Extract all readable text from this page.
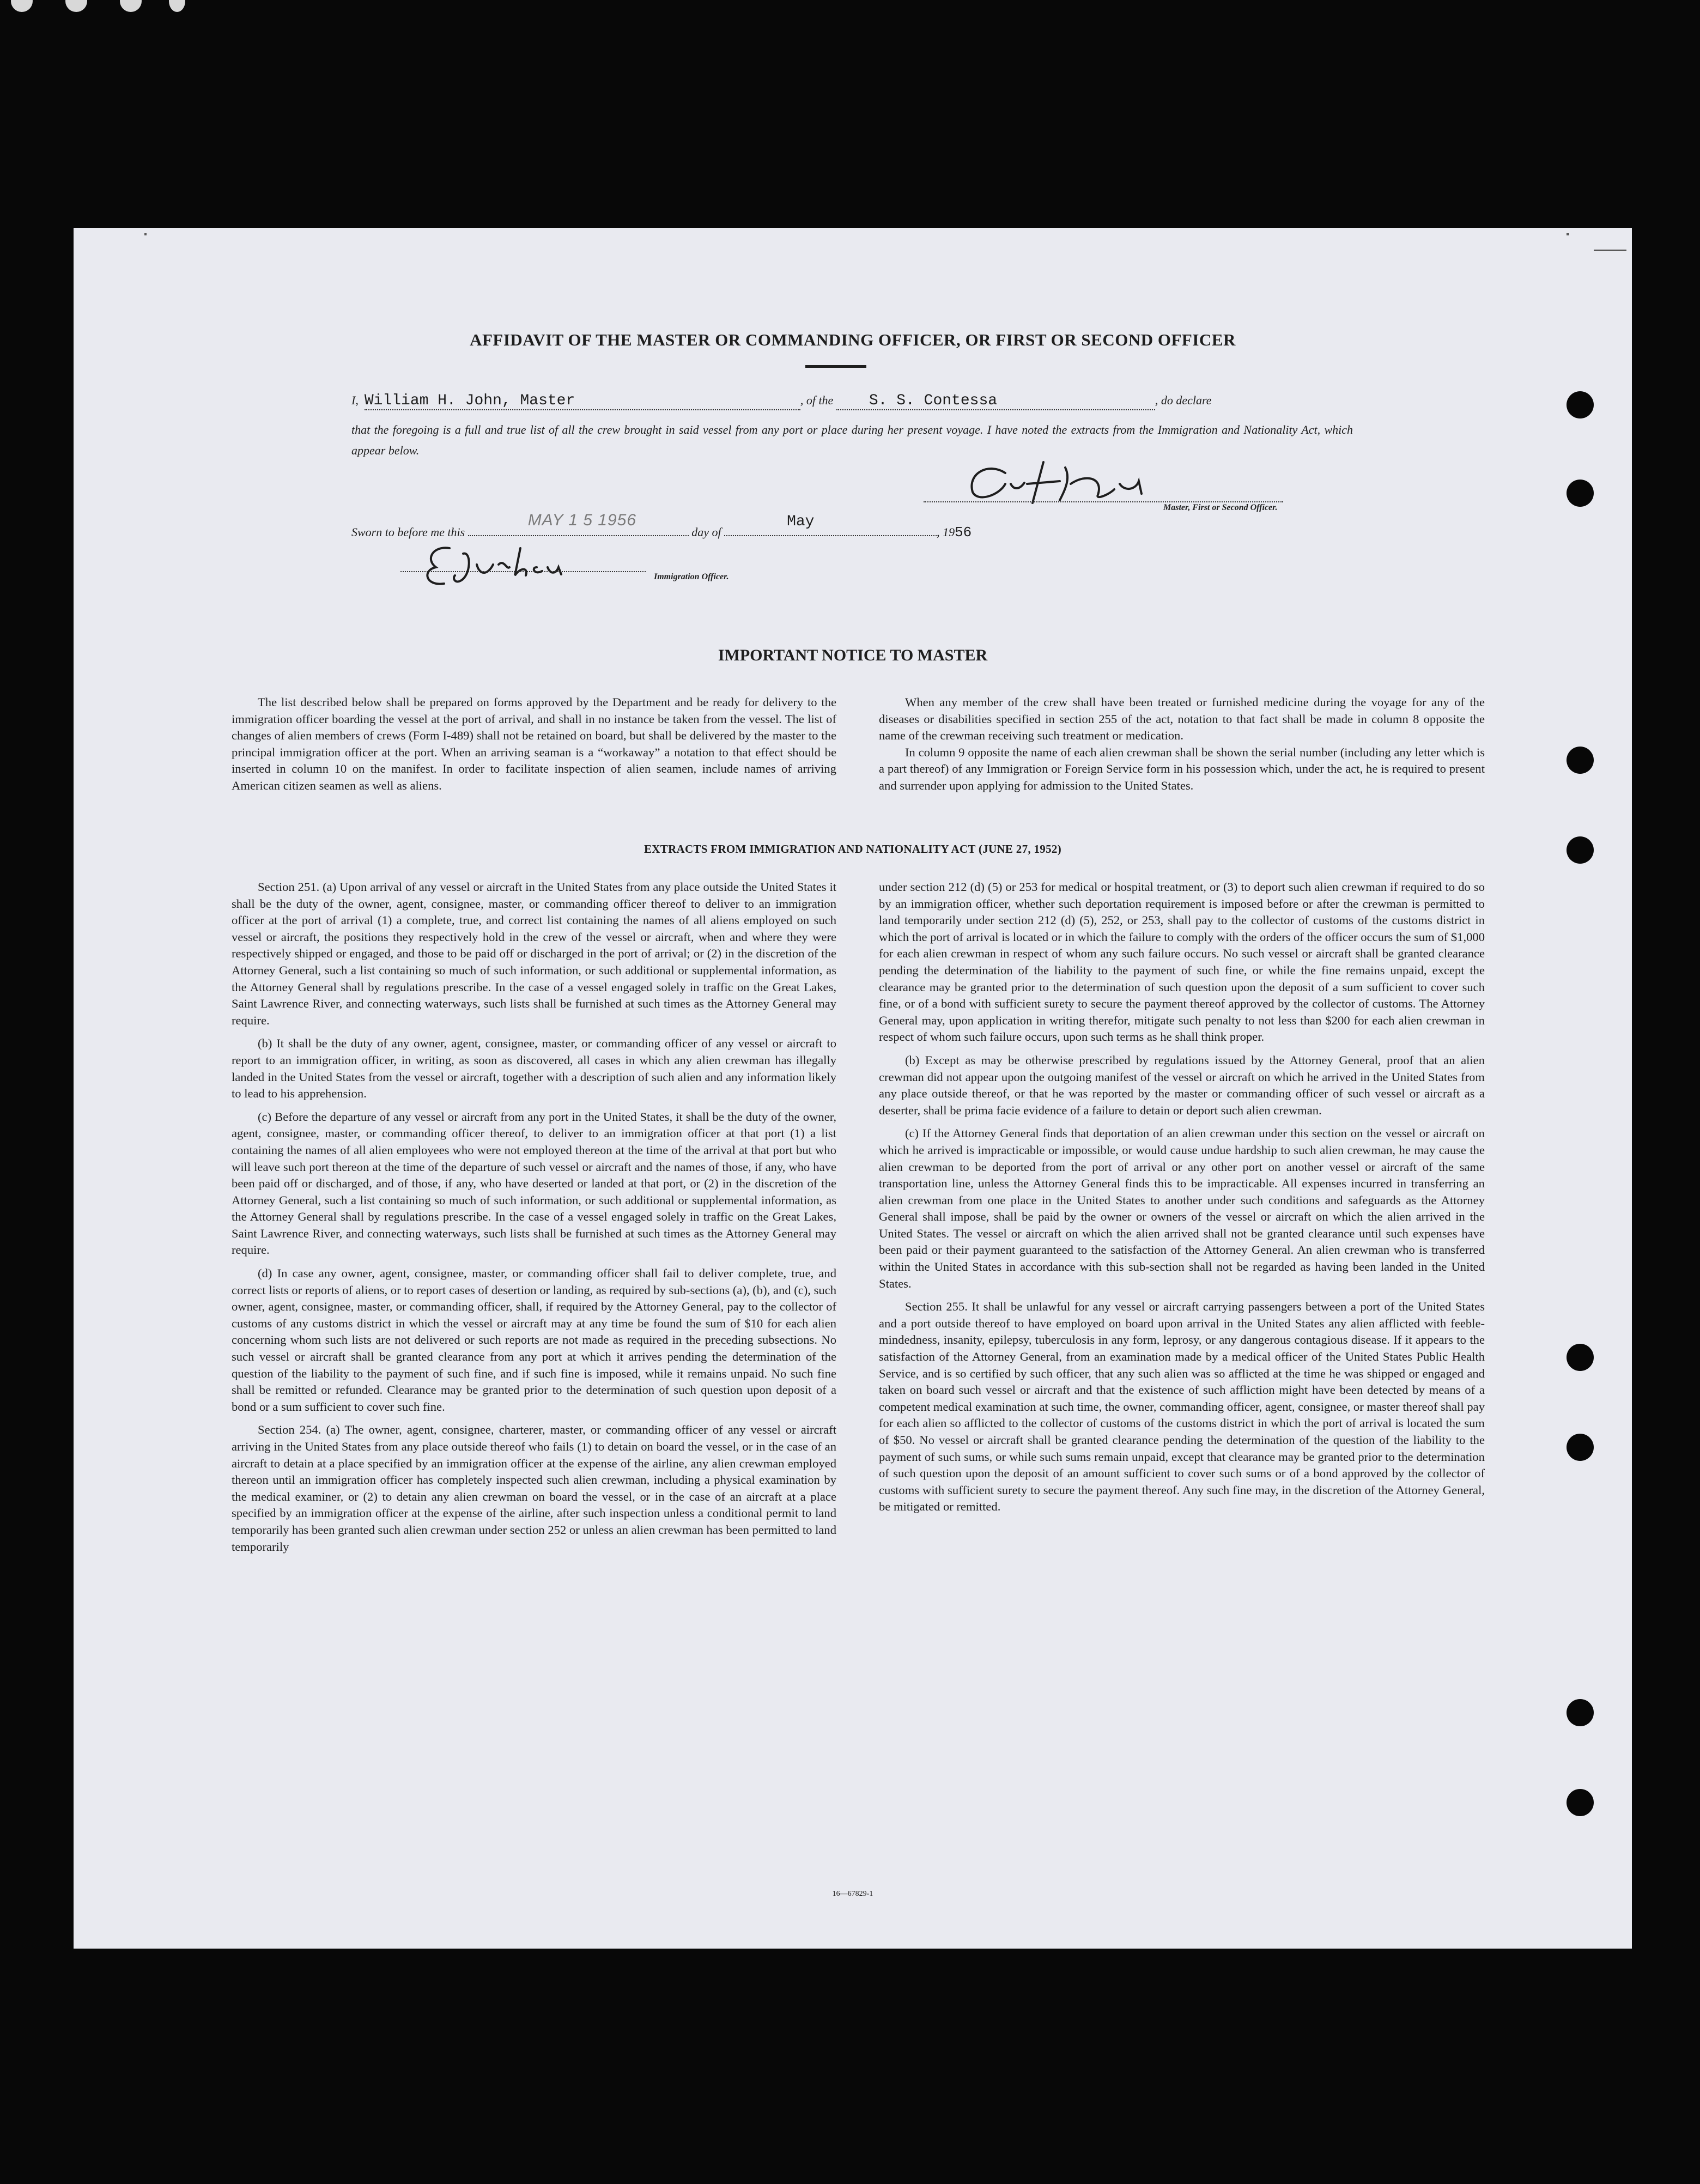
AFFIDAVIT OF THE MASTER OR COMMANDING OFFICER, OR FIRST OR SECOND OFFICER
I, William H. John, Master	, of the S. S. Contessa	, do declare
that the foregoing is a full and true list of all the crew brought in said vessel from any port or place during her present voyage. I have noted the extracts from the Immigration and Nationality Act, which appear below.
Master, First or Second Officer.
Sworn to before me this
MAY 1 5 1956
day of
May
, 1956
Immigration Officer.
IMPORTANT NOTICE TO MASTER

The list described below shall be prepared on forms approved by the Department and be ready for delivery to the immigration officer boarding the vessel at the port of arrival, and shall in no instance be taken from the vessel. The list of changes of alien members of crews (Form I-489) shall not be retained on board, but shall be delivered by the master to the principal immigration officer at the port. When an arriving seaman is a “workaway” a notation to that effect should be inserted in column 10 on the manifest. In order to facilitate inspection of alien seamen, include names of arriving American citizen seamen as well as aliens.

When any member of the crew shall have been treated or furnished medicine during the voyage for any of the diseases or disabilities specified in section 255 of the act, notation to that fact shall be made in column 8 opposite the name of the crewman receiving such treatment or medication.

In column 9 opposite the name of each alien crewman shall be shown the serial number (including any letter which is a part thereof) of any Immigration or Foreign Service form in his possession which, under the act, he is required to present and surrender upon applying for admission to the United States.

EXTRACTS FROM IMMIGRATION AND NATIONALITY ACT (JUNE 27, 1952)

Section 251. (a) Upon arrival of any vessel or aircraft in the United States from any place outside the United States it shall be the duty of the owner, agent, consignee, master, or commanding officer thereof to deliver to an immigration officer at the port of arrival (1) a complete, true, and correct list containing the names of all aliens employed on such vessel or aircraft, the positions they respectively hold in the crew of the vessel or aircraft, when and where they were respectively shipped or engaged, and those to be paid off or discharged in the port of arrival; or (2) in the discretion of the Attorney General, such a list containing so much of such information, or such additional or supplemental information, as the Attorney General shall by regulations prescribe. In the case of a vessel engaged solely in traffic on the Great Lakes, Saint Lawrence River, and connecting waterways, such lists shall be furnished at such times as the Attorney General may require.

(b) It shall be the duty of any owner, agent, consignee, master, or commanding officer of any vessel or aircraft to report to an immigration officer, in writing, as soon as discovered, all cases in which any alien crewman has illegally landed in the United States from the vessel or aircraft, together with a description of such alien and any information likely to lead to his apprehension.

(c) Before the departure of any vessel or aircraft from any port in the United States, it shall be the duty of the owner, agent, consignee, master, or commanding officer thereof, to deliver to an immigration officer at that port (1) a list containing the names of all alien employees who were not employed thereon at the time of the arrival at that port but who will leave such port thereon at the time of the departure of such vessel or aircraft and the names of those, if any, who have been paid off or discharged, and of those, if any, who have deserted or landed at that port, or (2) in the discretion of the Attorney General, such a list containing so much of such information, or such additional or supplemental information, as the Attorney General shall by regulations prescribe. In the case of a vessel engaged solely in traffic on the Great Lakes, Saint Lawrence River, and connecting waterways, such lists shall be furnished at such times as the Attorney General may require.

(d) In case any owner, agent, consignee, master, or commanding officer shall fail to deliver complete, true, and correct lists or reports of aliens, or to report cases of desertion or landing, as required by sub-sections (a), (b), and (c), such owner, agent, consignee, master, or commanding officer, shall, if required by the Attorney General, pay to the collector of customs of any customs district in which the vessel or aircraft may at any time be found the sum of $10 for each alien concerning whom such lists are not delivered or such reports are not made as required in the preceding subsections. No such vessel or aircraft shall be granted clearance from any port at which it arrives pending the determination of the question of the liability to the payment of such fine, and if such fine is imposed, while it remains unpaid. No such fine shall be remitted or refunded. Clearance may be granted prior to the determination of such question upon deposit of a bond or a sum sufficient to cover such fine.

Section 254. (a) The owner, agent, consignee, charterer, master, or commanding officer of any vessel or aircraft arriving in the United States from any place outside thereof who fails (1) to detain on board the vessel, or in the case of an aircraft to detain at a place specified by an immigration officer at the expense of the airline, any alien crewman employed thereon until an immigration officer has completely inspected such alien crewman, including a physical examination by the medical examiner, or (2) to detain any alien crewman on board the vessel, or in the case of an aircraft at a place specified by an immigration officer at the expense of the airline, after such inspection unless a conditional permit to land temporarily has been granted such alien crewman under section 252 or unless an alien crewman has been permitted to land temporarily

under section 212 (d) (5) or 253 for medical or hospital treatment, or (3) to deport such alien crewman if required to do so by an immigration officer, whether such deportation requirement is imposed before or after the crewman is permitted to land temporarily under section 212 (d) (5), 252, or 253, shall pay to the collector of customs of the customs district in which the port of arrival is located or in which the failure to comply with the orders of the officer occurs the sum of $1,000 for each alien crewman in respect of whom any such failure occurs. No such vessel or aircraft shall be granted clearance pending the determination of the liability to the payment of such fine, or while the fine remains unpaid, except the clearance may be granted prior to the determination of such question upon the deposit of a sum sufficient to cover such fine, or of a bond with sufficient surety to secure the payment thereof approved by the collector of customs. The Attorney General may, upon application in writing therefor, mitigate such penalty to not less than $200 for each alien crewman in respect of whom such failure occurs, upon such terms as he shall think proper.

(b) Except as may be otherwise prescribed by regulations issued by the Attorney General, proof that an alien crewman did not appear upon the outgoing manifest of the vessel or aircraft on which he arrived in the United States from any place outside thereof, or that he was reported by the master or commanding officer of such vessel or aircraft as a deserter, shall be prima facie evidence of a failure to detain or deport such alien crewman.

(c) If the Attorney General finds that deportation of an alien crewman under this section on the vessel or aircraft on which he arrived is impracticable or impossible, or would cause undue hardship to such alien crewman, he may cause the alien crewman to be deported from the port of arrival or any other port on another vessel or aircraft of the same transportation line, unless the Attorney General finds this to be impracticable. All expenses incurred in transferring an alien crewman from one place in the United States to another under such conditions and safeguards as the Attorney General shall impose, shall be paid by the owner or owners of the vessel or aircraft on which the alien arrived in the United States. The vessel or aircraft on which the alien arrived shall not be granted clearance until such expenses have been paid or their payment guaranteed to the satisfaction of the Attorney General. An alien crewman who is transferred within the United States in accordance with this sub-section shall not be regarded as having been landed in the United States.

Section 255. It shall be unlawful for any vessel or aircraft carrying passengers between a port of the United States and a port outside thereof to have employed on board upon arrival in the United States any alien afflicted with feeble-mindedness, insanity, epilepsy, tuberculosis in any form, leprosy, or any dangerous contagious disease. If it appears to the satisfaction of the Attorney General, from an examination made by a medical officer of the United States Public Health Service, and is so certified by such officer, that any such alien was so afflicted at the time he was shipped or engaged and taken on board such vessel or aircraft and that the existence of such affliction might have been detected by means of a competent medical examination at such time, the owner, commanding officer, agent, consignee, or master thereof shall pay for each alien so afflicted to the collector of customs of the customs district in which the port of arrival is located the sum of $50. No vessel or aircraft shall be granted clearance pending the determination of the question of the liability to the payment of such sums, or while such sums remain unpaid, except that clearance may be granted prior to the determination of such question upon the deposit of an amount sufficient to cover such sums or of a bond approved by the collector of customs with sufficient surety to secure the payment thereof. Any such fine may, in the discretion of the Attorney General, be mitigated or remitted.

16—67829-1
